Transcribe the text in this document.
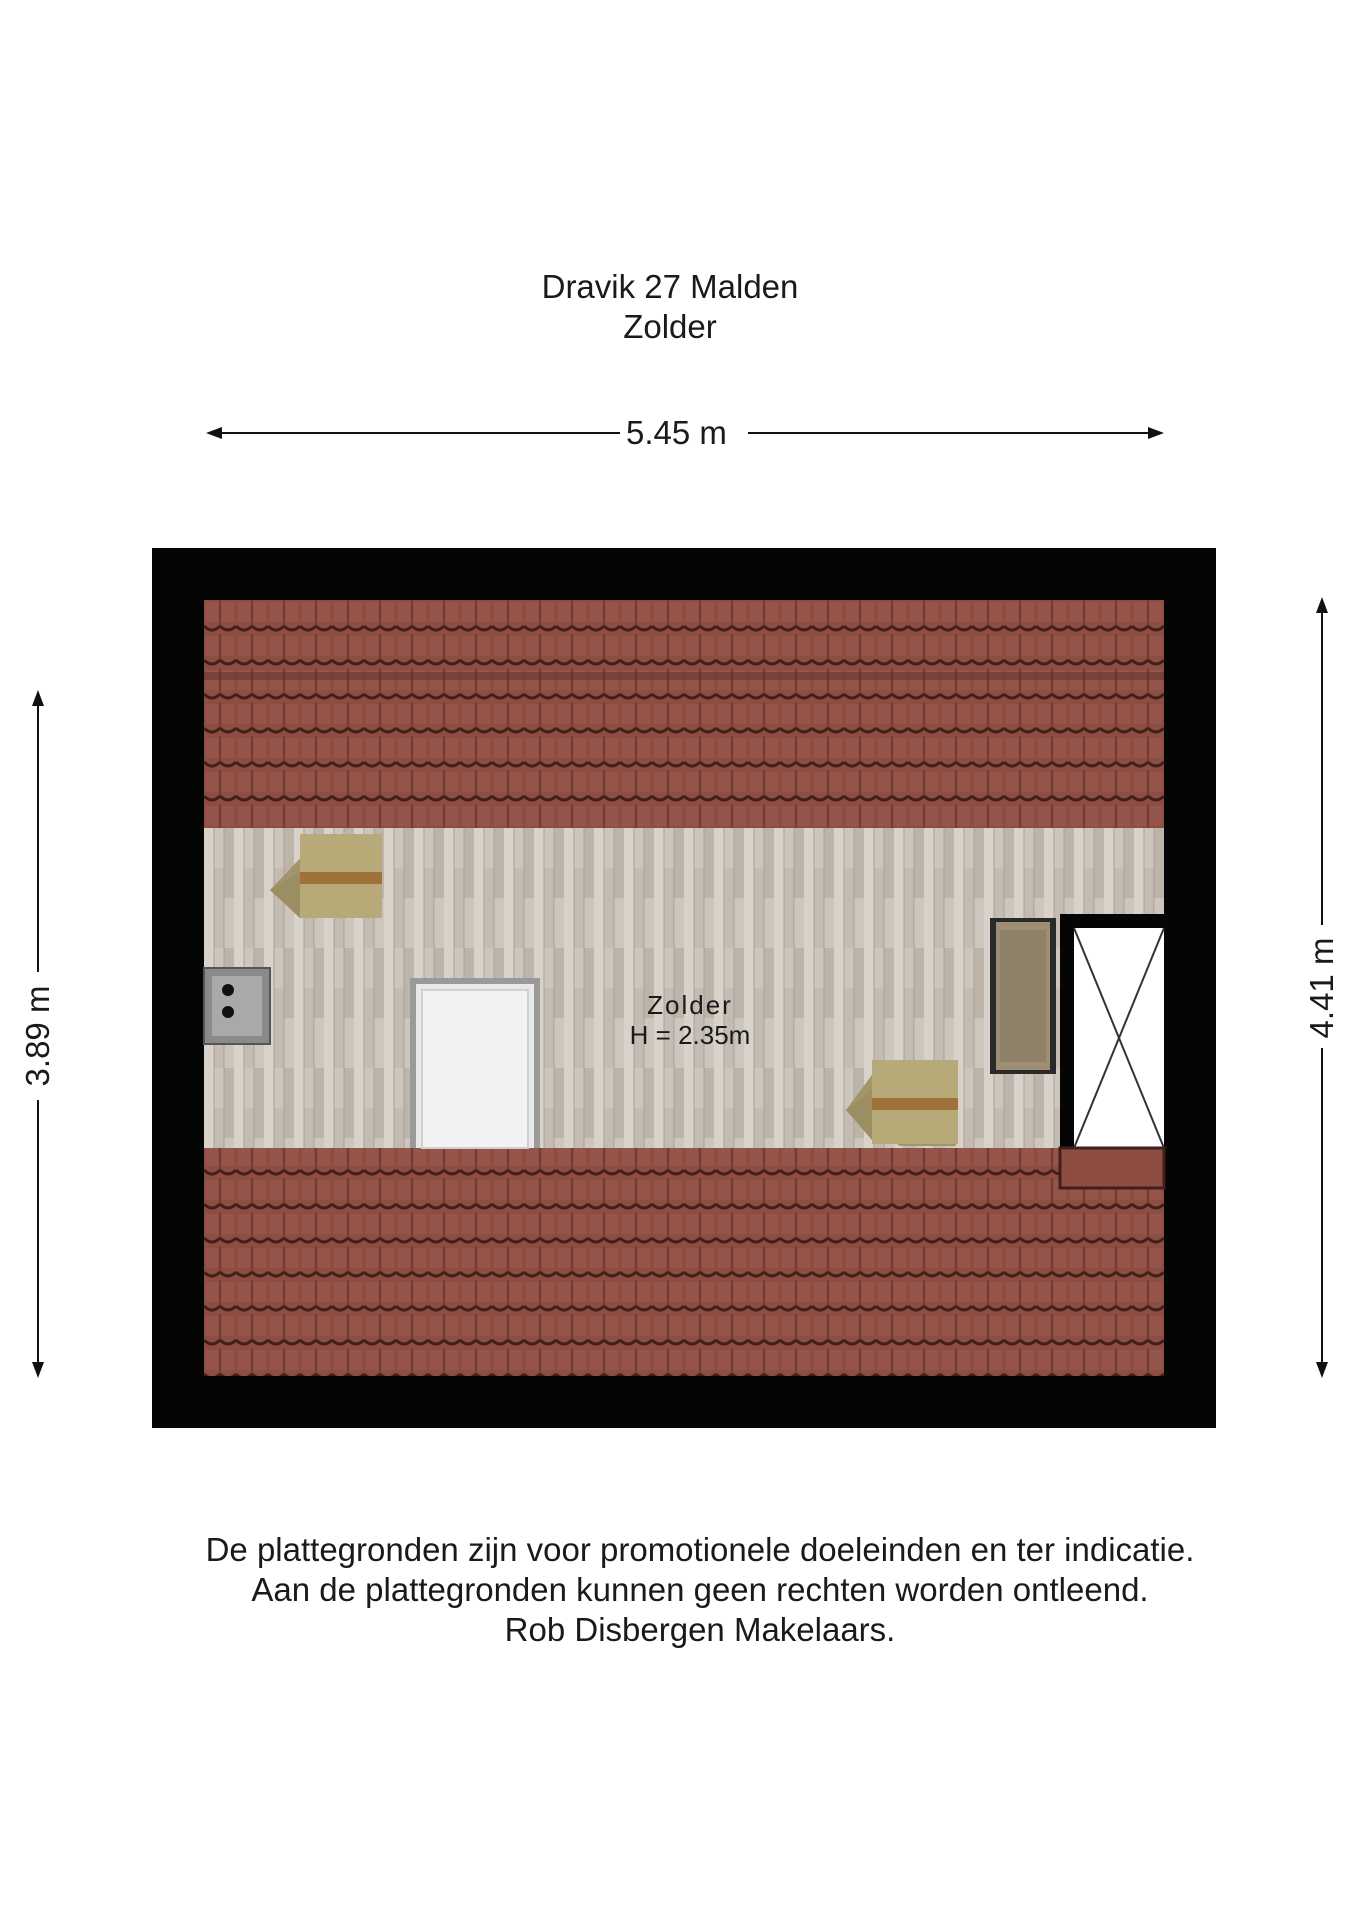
Dravik 27 Malden
Zolder
5.45 m
3.89 m	4.41 m
Zolder
H = 2.35m
De plattegronden zijn voor promotionele doeleinden en ter indicatie.
Aan de plattegronden kunnen geen rechten worden ontleend.
Rob Disbergen Makelaars.
